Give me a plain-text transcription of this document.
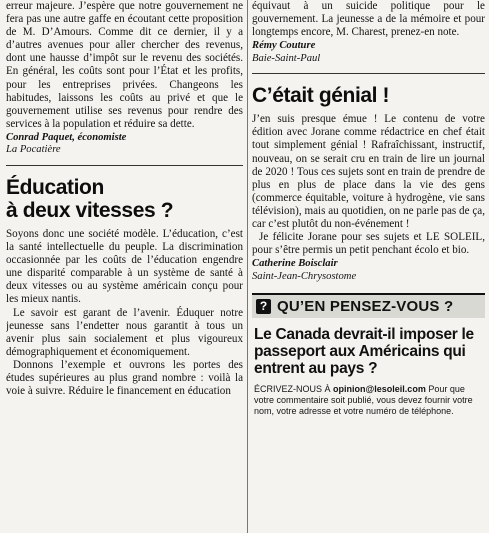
erreur majeure. J’espère que notre gouvernement ne fera pas une autre gaffe en écoutant cette proposition de M. D’Amours. Comme dit ce dernier, il y a d’autres avenues pour aller chercher des revenus, dont une hausse d’impôt sur le revenu des sociétés. En général, les coûts sont pour l’État et les profits, pour les entreprises privées. Changeons les habitudes, laissons les coûts au privé et que le gouvernement utilise ses revenus pour rendre des services à la population et réduire sa dette.

Conrad Paquet, économiste

La Pocatière

Éducation
à deux vitesses ?

Soyons donc une société modèle. L’éducation, c’est la santé intellectuelle du peuple. La discrimination occasionnée par les coûts de l’éducation engendre une disparité comparable à un système de santé à deux vitesses ou au système américain conçu pour les mieux nantis.

Le savoir est garant de l’avenir. Éduquer notre jeunesse sans l’endetter nous garantit à tous un avenir plus sain socialement et plus vigoureux démographiquement et économiquement.

Donnons l’exemple et ouvrons les portes des études supérieures au plus grand nombre : voilà la voie à suivre. Réduire le financement en éducation

équivaut à un suicide politique pour le gouvernement. La jeunesse a de la mémoire et pour longtemps encore, M. Charest, prenez-en note.

Rémy Couture

Baie-Saint-Paul

C’était génial !

J’en suis presque émue ! Le contenu de votre édition avec Jorane comme rédactrice en chef était tout simplement génial ! Rafraîchissant, instructif, nouveau, on se serait cru en train de lire un journal de 2020 ! Tous ces sujets sont en train de prendre de plus en plus de place dans la vie des gens (commerce équitable, voiture à hydrogène, vie sans télévision), mais au quotidien, on ne parle pas de ça, car c’est plutôt du non-événement !

Je félicite Jorane pour ses sujets et LE SOLEIL, pour s’être permis un petit penchant écolo et bio.

Catherine Boisclair

Saint-Jean-Chrysostome

? QU’EN PENSEZ-VOUS ?
Le Canada devrait-il imposer le passeport aux Américains qui entrent au pays ?

ÉCRIVEZ-NOUS À opinion@lesoleil.com Pour que votre commentaire soit publié, vous devez fournir votre nom, votre adresse et votre numéro de téléphone.
